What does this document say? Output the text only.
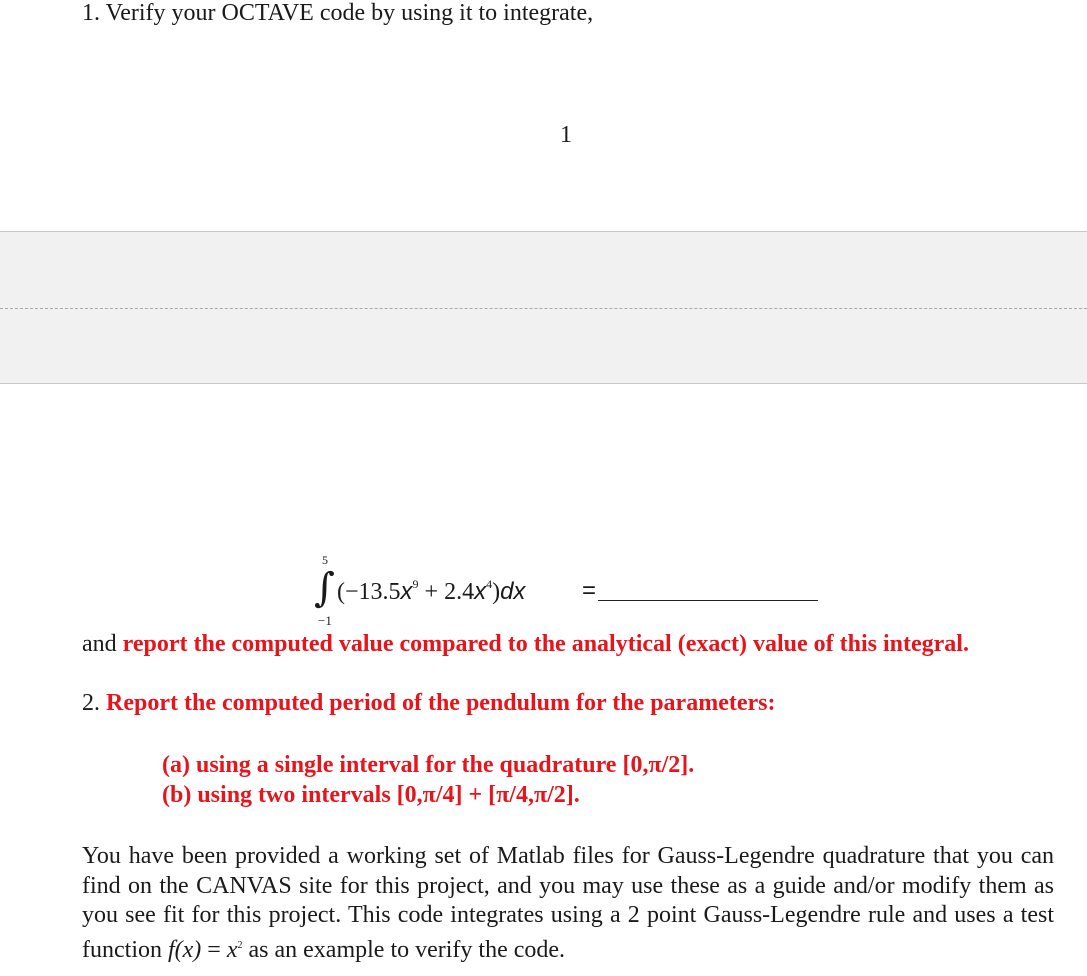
1. Verify your OCTAVE code by using it to integrate,
1
5
∫
−1
$(-13.5x^9 + 2.4x^4)dx$ =
and report the computed value compared to the analytical (exact) value of this integral.
2. Report the computed period of the pendulum for the parameters:
(a) using a single interval for the quadrature [0,π/2].
(b) using two intervals [0,π/4] + [π/4,π/2].
You have been provided a working set of Matlab files for Gauss-Legendre quadrature that you can find on the CANVAS site for this project, and you may use these as a guide and/or modify them as you see fit for this project. This code integrates using a 2 point Gauss-Legendre rule and uses a test function $f(x) = x^2$ as an example to verify the code.
